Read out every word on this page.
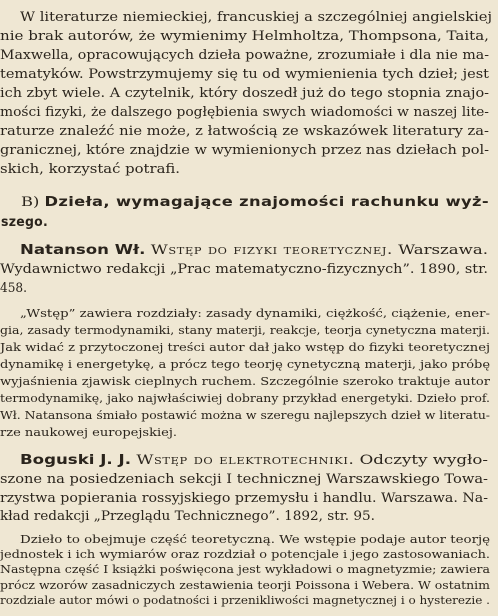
W literaturze niemieckiej, francuskiej a szczególniej angielskiej
nie brak autorów, że wymienimy Helmholtza, Thompsona, Taita,
Maxwella, opracowujących dzieła poważne, zrozumiałe i dla nie ma-
tematyków. Powstrzymujemy się tu od wymienienia tych dzieł; jest
ich zbyt wiele. A czytelnik, który doszedł już do tego stopnia znajo-
mości fizyki, że dalszego pogłębienia swych wiadomości w naszej lite-
raturze znaleźć nie może, z łatwością ze wskazówek literatury za-
granicznej, które znajdzie w wymienionych przez nas dziełach pol-
skich, korzystać potrafi.
B) Dzieła, wymagające znajomości rachunku wyż-
szego.
Natanson Wł. Wstęp do fizyki teoretycznej. Warszawa.
Wydawnictwo redakcji „Prac matematyczno-fizycznych”. 1890, str.
458.
„Wstęp” zawiera rozdziały: zasady dynamiki, ciężkość, ciążenie, ener-
gia, zasady termodynamiki, stany materji, reakcje, teorja cynetyczna materji.
Jak widać z przytoczonej treści autor dał jako wstęp do fizyki teoretycznej
dynamikę i energetykę, a prócz tego teorję cynetyczną materji, jako próbę
wyjaśnienia zjawisk cieplnych ruchem. Szczególnie szeroko traktuje autor
termodynamikę, jako najwłaściwiej dobrany przykład energetyki. Dzieło prof.
Wł. Natansona śmiało postawić można w szeregu najlepszych dzieł w literatu-
rze naukowej europejskiej.
Boguski J. J. Wstęp do elektrotechniki. Odczyty wygło-
szone na posiedzeniach sekcji I technicznej Warszawskiego Towa-
rzystwa popierania rossyjskiego przemysłu i handlu. Warszawa. Na-
kład redakcji „Przeglądu Technicznego”. 1892, str. 95.
Dzieło to obejmuje część teoretyczną. We wstępie podaje autor teorję
jednostek i ich wymiarów oraz rozdział o potencjale i jego zastosowaniach.
Następna część I książki poświęcona jest wykładowi o magnetyzmie; zawiera
prócz wzorów zasadniczych zestawienia teorji Poissona i Webera. W ostatnim
rozdziale autor mówi o podatności i przenikliwości magnetycznej i o hysterezie .
